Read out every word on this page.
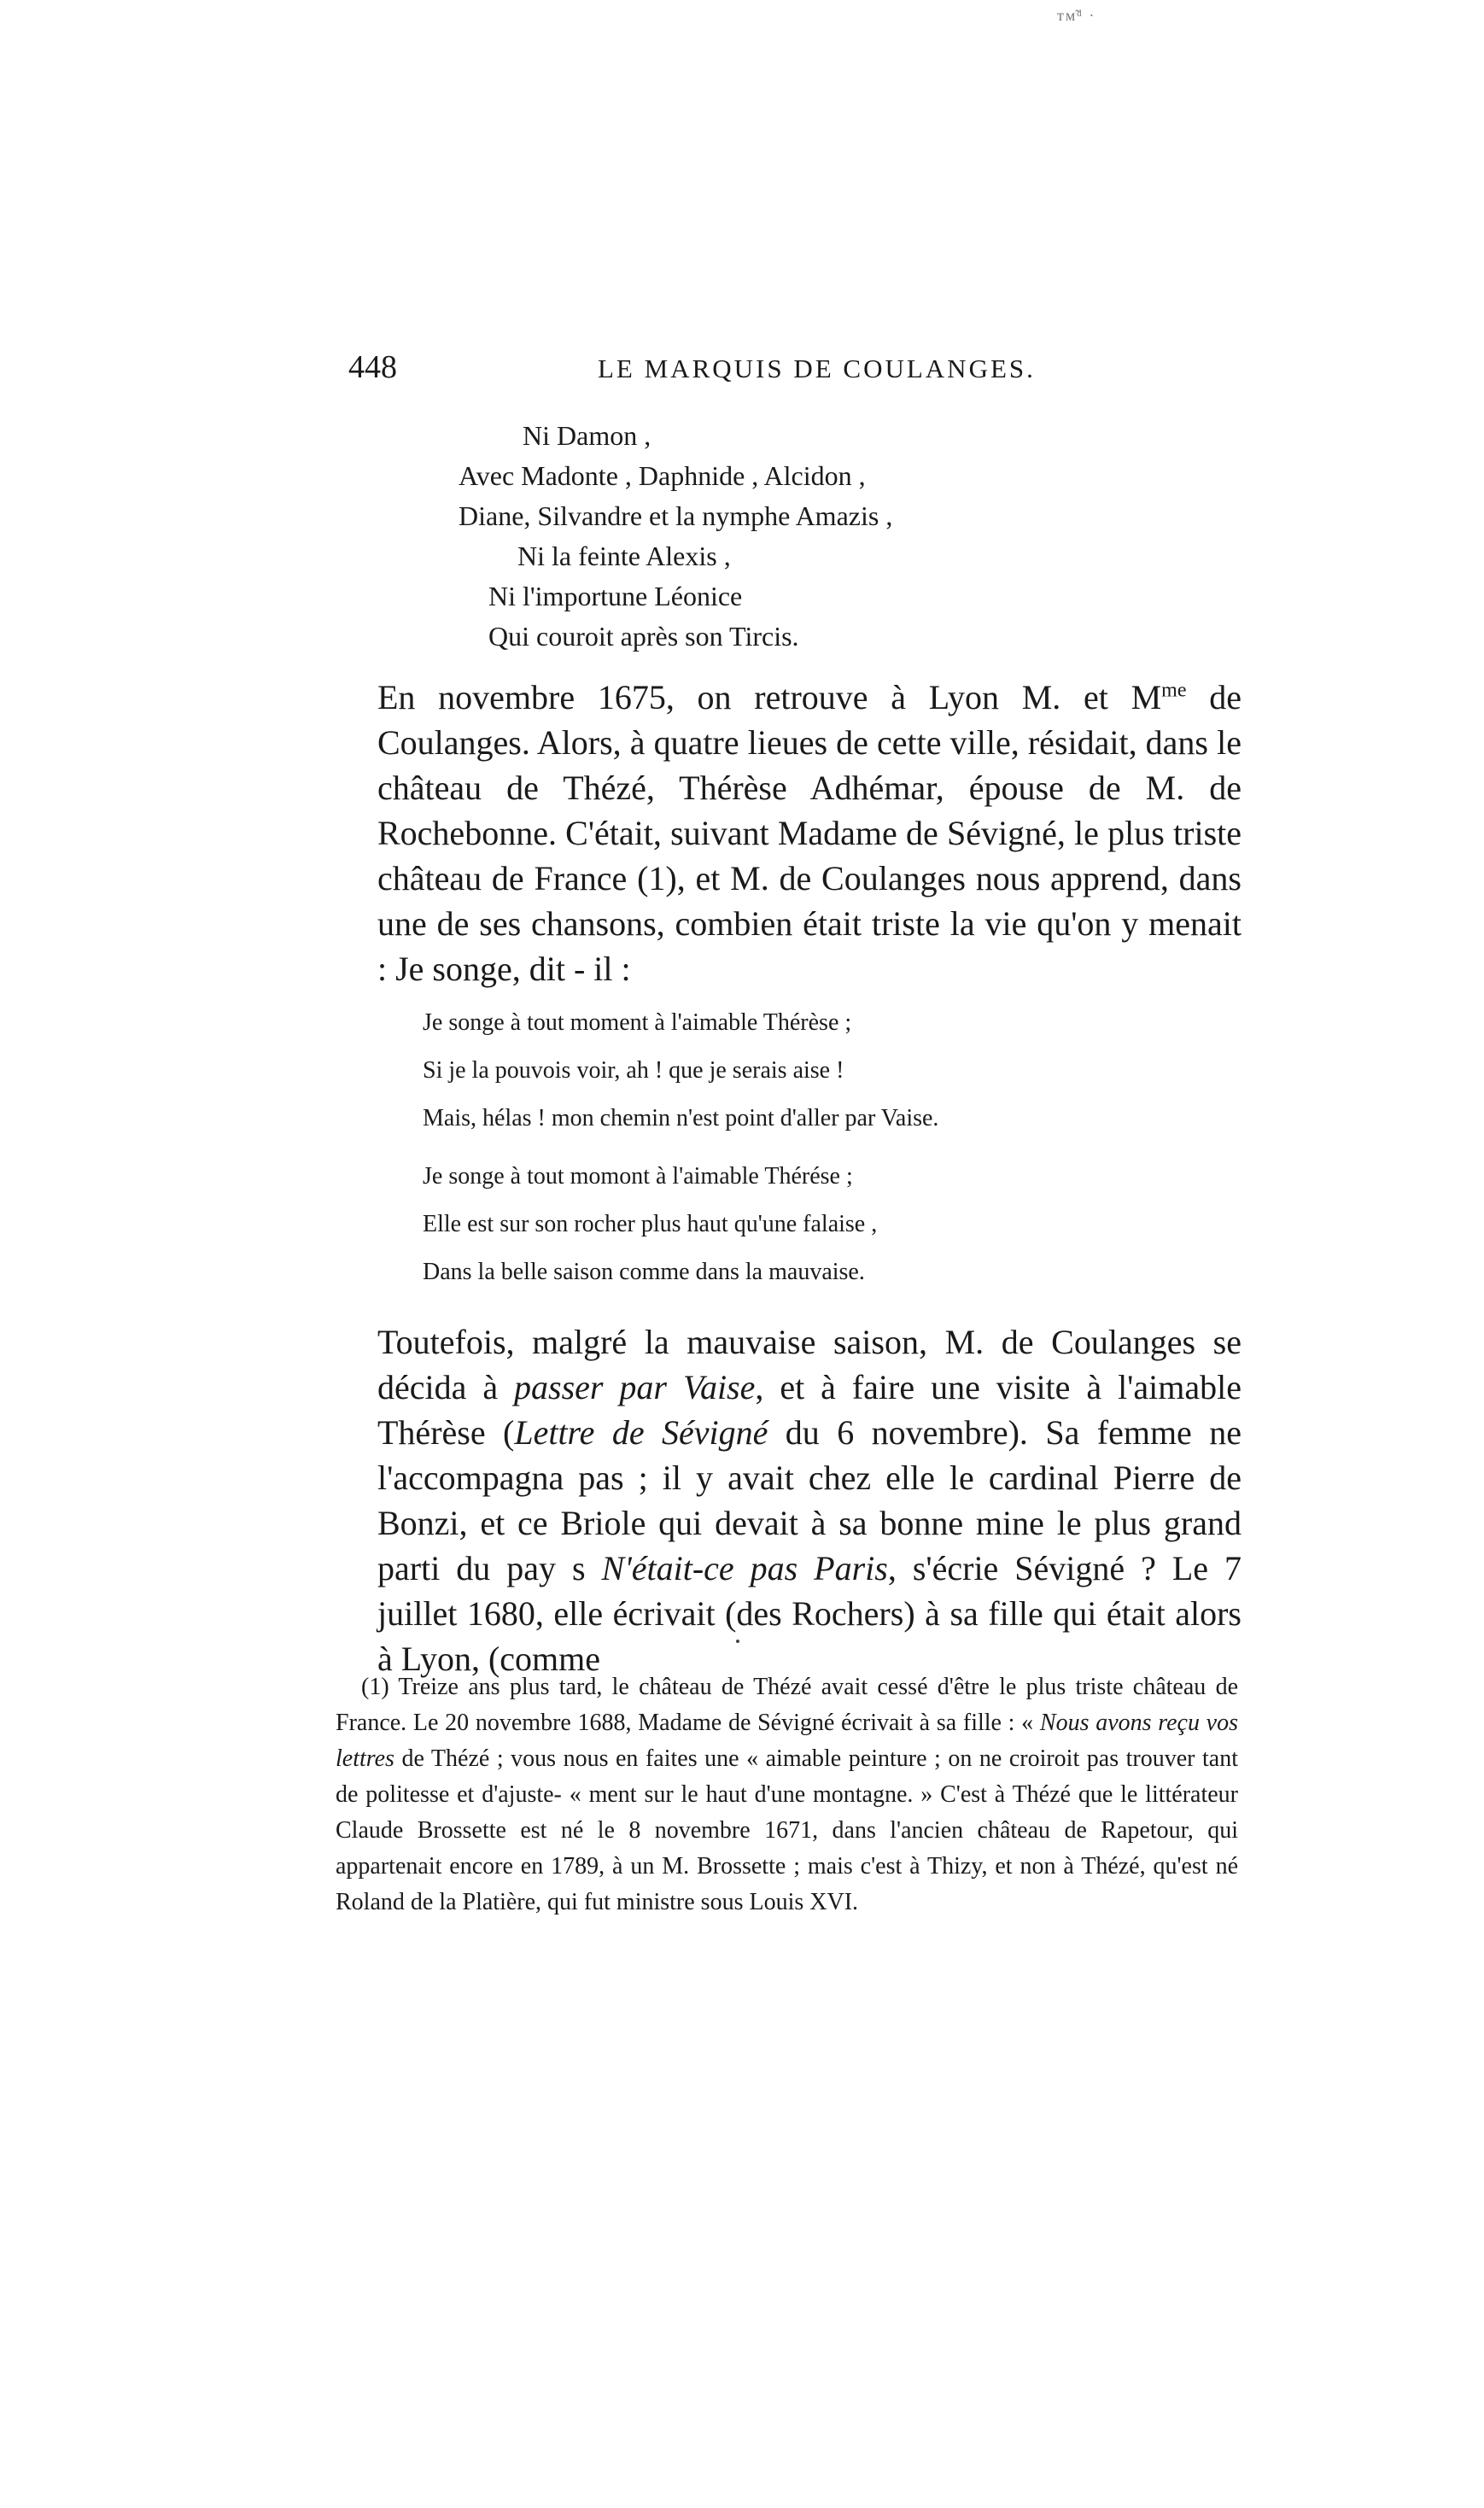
ᴛᴍ̃ᵈ ·
448	LE MARQUIS DE COULANGES.
Ni Damon ,
Avec Madonte , Daphnide , Alcidon ,
Diane, Silvandre et la nymphe Amazis ,
Ni la feinte Alexis ,
Ni l'importune Léonice
Qui couroit après son Tircis.

En novembre 1675, on retrouve à Lyon M. et $M^{me}$ de Coulanges. Alors, à quatre lieues de cette ville, résidait, dans le château de Thézé, Thérèse Adhémar, épouse de M. de Rochebonne. C'était, suivant Madame de Sévigné, le plus triste château de France (1), et M. de Coulanges nous apprend, dans une de ses chansons, combien était triste la vie qu'on y menait : Je songe, dit - il :

Je songe à tout moment à l'aimable Thérèse ;
Si je la pouvois voir, ah ! que je serais aise !
Mais, hélas ! mon chemin n'est point d'aller par Vaise.
Je songe à tout momont à l'aimable Thérése ;
Elle est sur son rocher plus haut qu'une falaise ,
Dans la belle saison comme dans la mauvaise.

Toutefois, malgré la mauvaise saison, M. de Coulanges se décida à passer par Vaise, et à faire une visite à l'aimable Thérèse (Lettre de Sévigné du 6 novembre). Sa femme ne l'accompagna pas ; il y avait chez elle le cardinal Pierre de Bonzi, et ce Briole qui devait à sa bonne mine le plus grand parti du pay s N'était-ce pas Paris, s'écrie Sévigné ? Le 7 juillet 1680, elle écrivait (des Rochers) à sa fille qui était alors à Lyon, (comme

(1) Treize ans plus tard, le château de Thézé avait cessé d'être le plus triste château de France. Le 20 novembre 1688, Madame de Sévigné écrivait à sa fille : « Nous avons reçu vos lettres de Thézé ; vous nous en faites une « aimable peinture ; on ne croiroit pas trouver tant de politesse et d'ajuste- « ment sur le haut d'une montagne. » C'est à Thézé que le littérateur Claude Brossette est né le 8 novembre 1671, dans l'ancien château de Rapetour, qui appartenait encore en 1789, à un M. Brossette ; mais c'est à Thizy, et non à Thézé, qu'est né Roland de la Platière, qui fut ministre sous Louis XVI.
